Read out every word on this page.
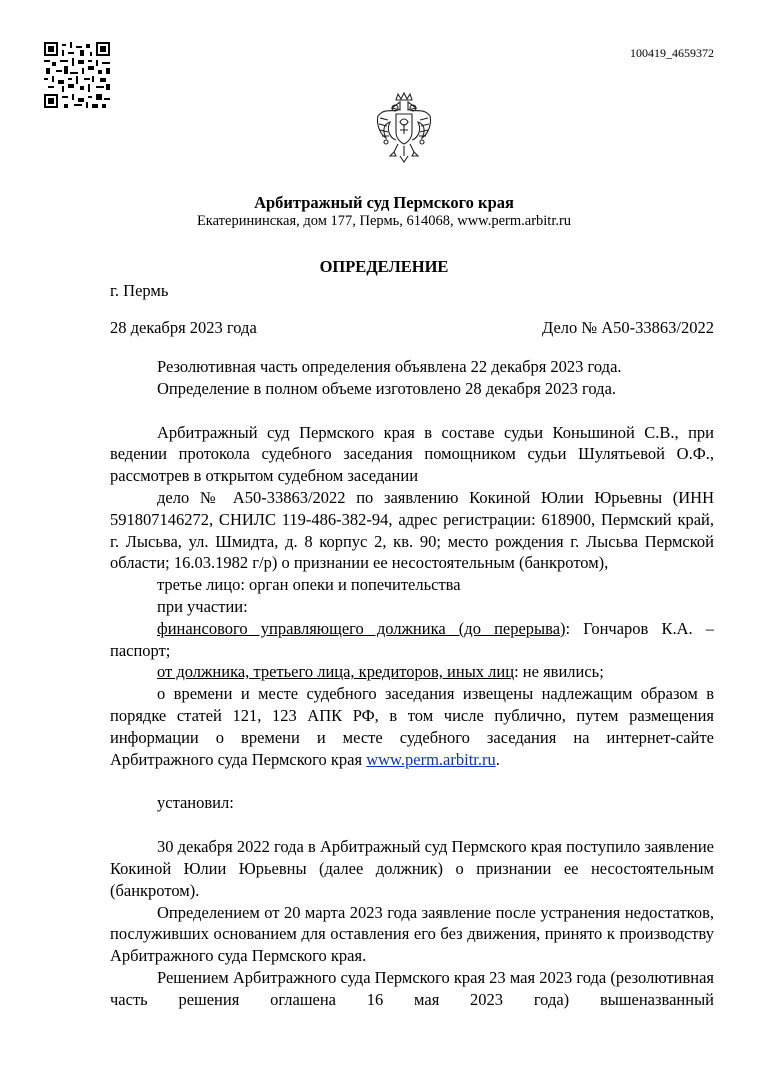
100419_4659372
Арбитражный суд Пермского края
Екатерининская, дом 177, Пермь, 614068, www.perm.arbitr.ru
ОПРЕДЕЛЕНИЕ
г. Пермь
28 декабря 2023 года	Дело № А50-33863/2022

Резолютивная часть определения объявлена 22 декабря 2023 года.

Определение в полном объеме изготовлено 28 декабря 2023 года.

Арбитражный суд Пермского края в составе судьи Коньшиной С.В., при ведении протокола судебного заседания помощником судьи Шулятьевой О.Ф., рассмотрев в открытом судебном заседании

дело № А50-33863/2022 по заявлению Кокиной Юлии Юрьевны (ИНН 591807146272, СНИЛС 119-486-382-94, адрес регистрации: 618900, Пермский край, г. Лысьва, ул. Шмидта, д. 8 корпус 2, кв. 90; место рождения г. Лысьва Пермской области; 16.03.1982 г/р) о признании ее несостоятельным (банкротом),

третье лицо: орган опеки и попечительства

при участии:

финансового управляющего должника (до перерыва): Гончаров К.А. – паспорт;

от должника, третьего лица, кредиторов, иных лиц: не явились;

о времени и месте судебного заседания извещены надлежащим образом в порядке статей 121, 123 АПК РФ, в том числе публично, путем размещения информации о времени и месте судебного заседания на интернет-сайте Арбитражного суда Пермского края www.perm.arbitr.ru.

установил:

30 декабря 2022 года в Арбитражный суд Пермского края поступило заявление Кокиной Юлии Юрьевны (далее должник) о признании ее несостоятельным (банкротом).

Определением от 20 марта 2023 года заявление после устранения недостатков, послуживших основанием для оставления его без движения, принято к производству Арбитражного суда Пермского края.

Решением Арбитражного суда Пермского края 23 мая 2023 года (резолютивная часть решения оглашена 16 мая 2023 года) вышеназванный
